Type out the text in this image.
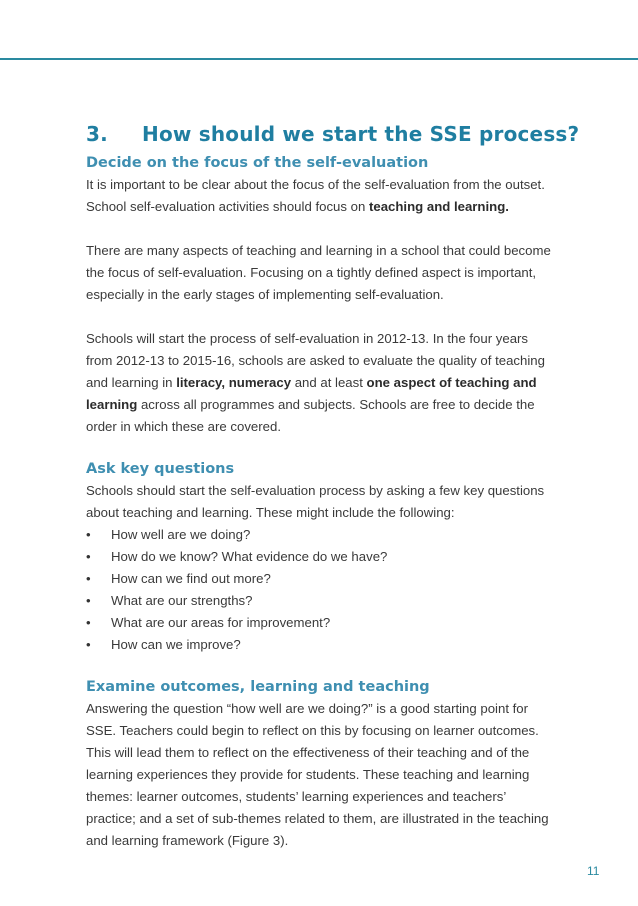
3. How should we start the SSE process?
Decide on the focus of the self-evaluation

It is important to be clear about the focus of the self-evaluation from the outset. School self-evaluation activities should focus on teaching and learning.

There are many aspects of teaching and learning in a school that could become the focus of self-evaluation. Focusing on a tightly defined aspect is important, especially in the early stages of implementing self-evaluation.

Schools will start the process of self-evaluation in 2012-13. In the four years from 2012-13 to 2015-16, schools are asked to evaluate the quality of teaching and learning in literacy, numeracy and at least one aspect of teaching and learning across all programmes and subjects. Schools are free to decide the order in which these are covered.

Ask key questions

Schools should start the self-evaluation process by asking a few key questions about teaching and learning. These might include the following:

• How well are we doing?
• How do we know? What evidence do we have?
• How can we find out more?
• What are our strengths?
• What are our areas for improvement?
• How can we improve?
Examine outcomes, learning and teaching

Answering the question “how well are we doing?” is a good starting point for SSE. Teachers could begin to reflect on this by focusing on learner outcomes. This will lead them to reflect on the effectiveness of their teaching and of the learning experiences they provide for students. These teaching and learning themes: learner outcomes, students’ learning experiences and teachers’ practice; and a set of sub-themes related to them, are illustrated in the teaching and learning framework (Figure 3).

11
